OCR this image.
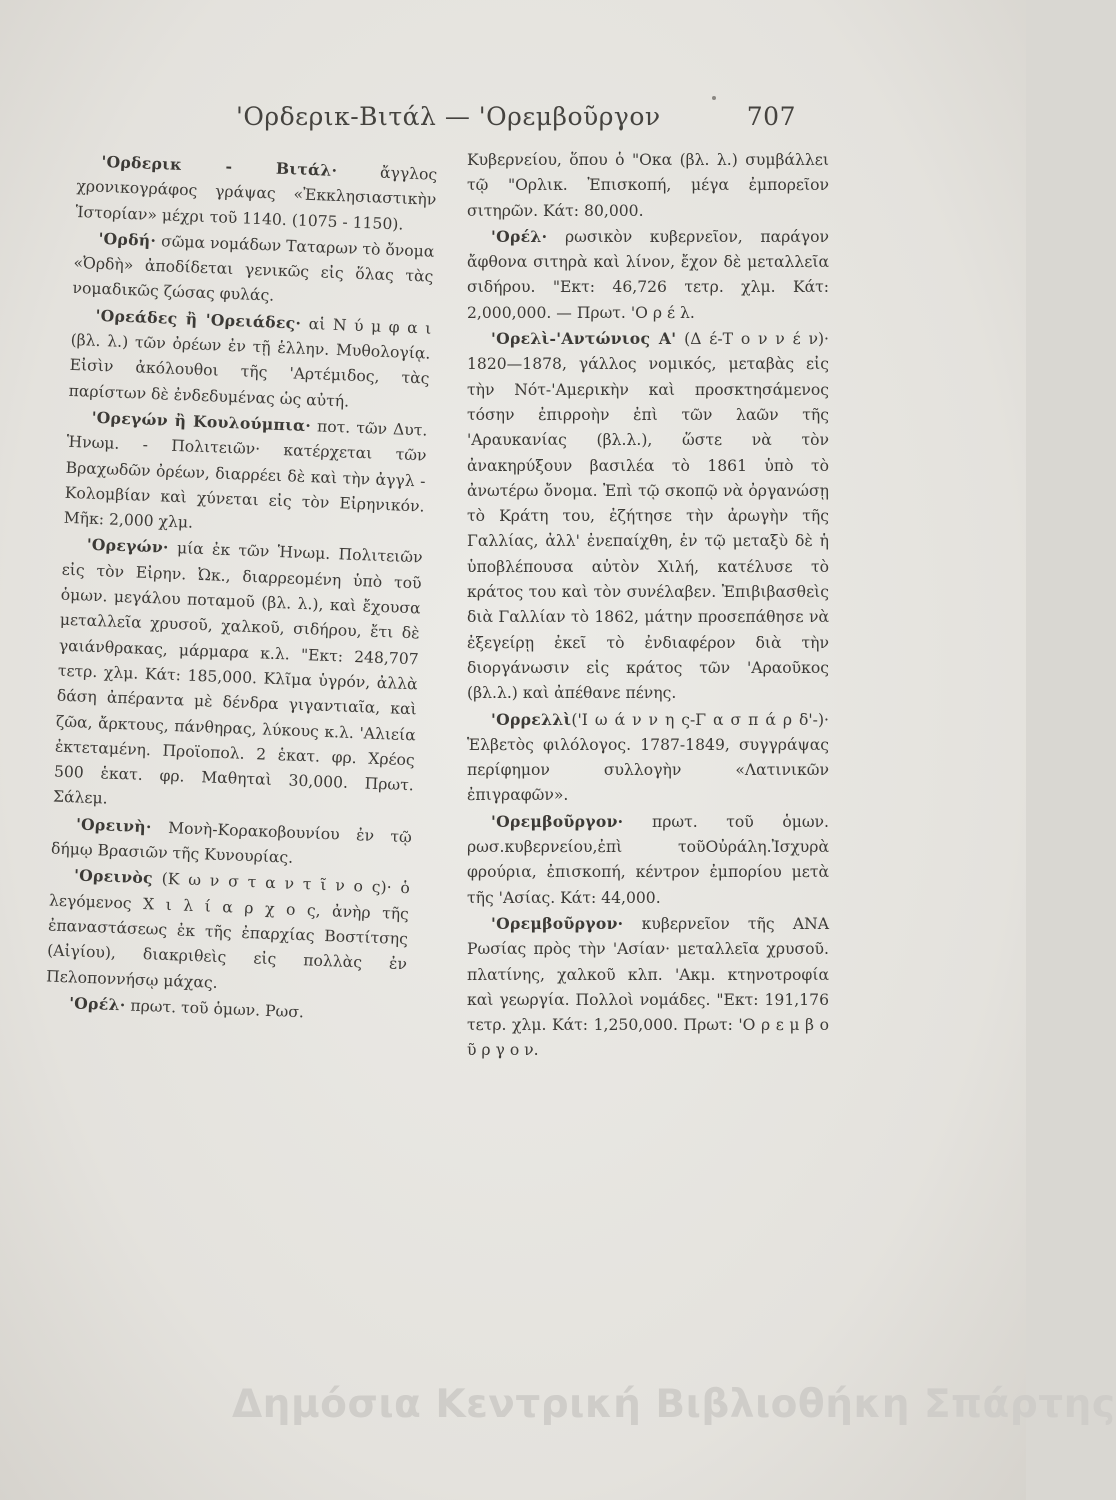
'Ορδερικ-Βιτάλ — 'Ορεμβοῦργον	707

'Ορδερικ - Βιτάλ· ἄγγλος χρονικογράφος γράψας «Ἐκκλησιαστικὴν Ἱστορίαν» μέχρι τοῦ 1140. (1075 - 1150).

'Ορδή· σῶμα νομάδων Ταταρων τὸ ὄνομα «Ὀρδὴ» ἀποδίδεται γενικῶς εἰς ὅλας τὰς νομαδικῶς ζώσας φυλάς.

'Ορεάδες ἢ 'Ορειάδες· αἱ Ν ύ μ φ α ι (βλ. λ.) τῶν ὀρέων ἐν τῇ ἑλλην. Μυθολογίᾳ. Εἰσὶν ἀκόλουθοι τῆς 'Αρτέμιδος, τὰς παρίστων δὲ ἐνδεδυμένας ὡς αὐτή.

'Ορεγών ἢ Κουλούμπια· ποτ. τῶν Δυτ. Ἡνωμ. - Πολιτειῶν· κατέρχεται τῶν Βραχωδῶν ὀρέων, διαρρέει δὲ καὶ τὴν ἀγγλ - Κολομβίαν καὶ χύνεται εἰς τὸν Εἰρηνικόν. Μῆκ: 2,000 χλμ.

'Ορεγών· μία ἐκ τῶν Ἡνωμ. Πολιτειῶν εἰς τὸν Εἰρην. Ὠκ., διαρρεομένη ὑπὸ τοῦ ὁμων. μεγάλου ποταμοῦ (βλ. λ.), καὶ ἔχουσα μεταλλεῖα χρυσοῦ, χαλκοῦ, σιδήρου, ἔτι δὲ γαιάνθρακας, μάρμαρα κ.λ. "Εκτ: 248,707 τετρ. χλμ. Κάτ: 185,000. Κλῖμα ὑγρόν, ἀλλὰ δάση ἀπέραντα μὲ δένδρα γιγαντιαῖα, καὶ ζῶα, ἄρκτους, πάνθηρας, λύκους κ.λ. 'Αλιεία ἐκτεταμένη. Προϊοπολ. 2 ἑκατ. φρ. Χρέος 500 ἑκατ. φρ. Μαθηταὶ 30,000. Πρωτ. Σάλεμ.

'Ορεινὴ· Μονὴ-Κορακοβουνίου ἐν τῷ δήμῳ Βρασιῶν τῆς Κυνουρίας.

'Ορεινὸς (Κ ω ν σ τ α ν τ ῖ ν ο ς)· ὁ λεγόμενος Χ ι λ ί α ρ χ ο ς, ἀνὴρ τῆς ἐπαναστάσεως ἐκ τῆς ἐπαρχίας Βοστίτσης (Αἰγίου), διακριθεὶς εἰς πολλὰς ἐν Πελοποννήσῳ μάχας.

'Ορέλ· πρωτ. τοῦ ὁμων. Ρωσ.

Κυβερνείου, ὅπου ὁ "Οκα (βλ. λ.) συμβάλλει τῷ "Ορλικ. Ἐπισκοπή, μέγα ἐμπορεῖον σιτηρῶν. Κάτ: 80,000.

'Ορέλ· ρωσικὸν κυβερνεῖον, παράγον ἄφθονα σιτηρὰ καὶ λίνον, ἔχον δὲ μεταλλεῖα σιδήρου. "Εκτ: 46,726 τετρ. χλμ. Κάτ: 2,000,000. — Πρωτ. 'Ο ρ έ λ.

'Ορελὶ-'Αντώνιος Α' (Δ έ-Τ ο ν ν έ ν)· 1820—1878, γάλλος νομικός, μεταβὰς εἰς τὴν Νότ-'Αμερικὴν καὶ προσκτησάμενος τόσην ἐπιρροὴν ἐπὶ τῶν λαῶν τῆς 'Αραυκανίας (βλ.λ.), ὥστε νὰ τὸν ἀνακηρύξουν βασιλέα τὸ 1861 ὑπὸ τὸ ἀνωτέρω ὄνομα. Ἐπὶ τῷ σκοπῷ νὰ ὀργανώσῃ τὸ Κράτη του, ἐζήτησε τὴν ἀρωγὴν τῆς Γαλλίας, ἀλλ' ἐνεπαίχθη, ἐν τῷ μεταξὺ δὲ ἡ ὑποβλέπουσα αὐτὸν Χιλή, κατέλυσε τὸ κράτος του καὶ τὸν συνέλαβεν. Ἐπιβιβασθεὶς διὰ Γαλλίαν τὸ 1862, μάτην προσεπάθησε νὰ ἐξεγείρῃ ἐκεῖ τὸ ἐνδιαφέρον διὰ τὴν διοργάνωσιν εἰς κράτος τῶν 'Αραοῦκος (βλ.λ.) καὶ ἀπέθανε πένης.

'Ορρελλὶ('Ι ω ά ν ν η ς-Γ α σ π ά ρ δ'-)· Ἑλβετὸς φιλόλογος. 1787-1849, συγγράψας περίφημον συλλογὴν «Λατινικῶν ἐπιγραφῶν».

'Ορεμβοῦργον· πρωτ. τοῦ ὁμων. ρωσ.κυβερνείου,ἐπὶ τοῦΟὐράλη.Ἰσχυρὰ φρούρια, ἐπισκοπή, κέντρον ἐμπορίου μετὰ τῆς 'Ασίας. Κάτ: 44,000.

'Ορεμβοῦργον· κυβερνεῖον τῆς ΑΝΑ Ρωσίας πρὸς τὴν 'Ασίαν· μεταλλεῖα χρυσοῦ. πλατίνης, χαλκοῦ κλπ. 'Ακμ. κτηνοτροφία καὶ γεωργία. Πολλοὶ νομάδες. "Εκτ: 191,176 τετρ. χλμ. Κάτ: 1,250,000. Πρωτ: 'Ο ρ ε μ β ο ῦ ρ γ ο ν.

Δημόσια Κεντρική Βιβλιοθήκη Σπάρτης
